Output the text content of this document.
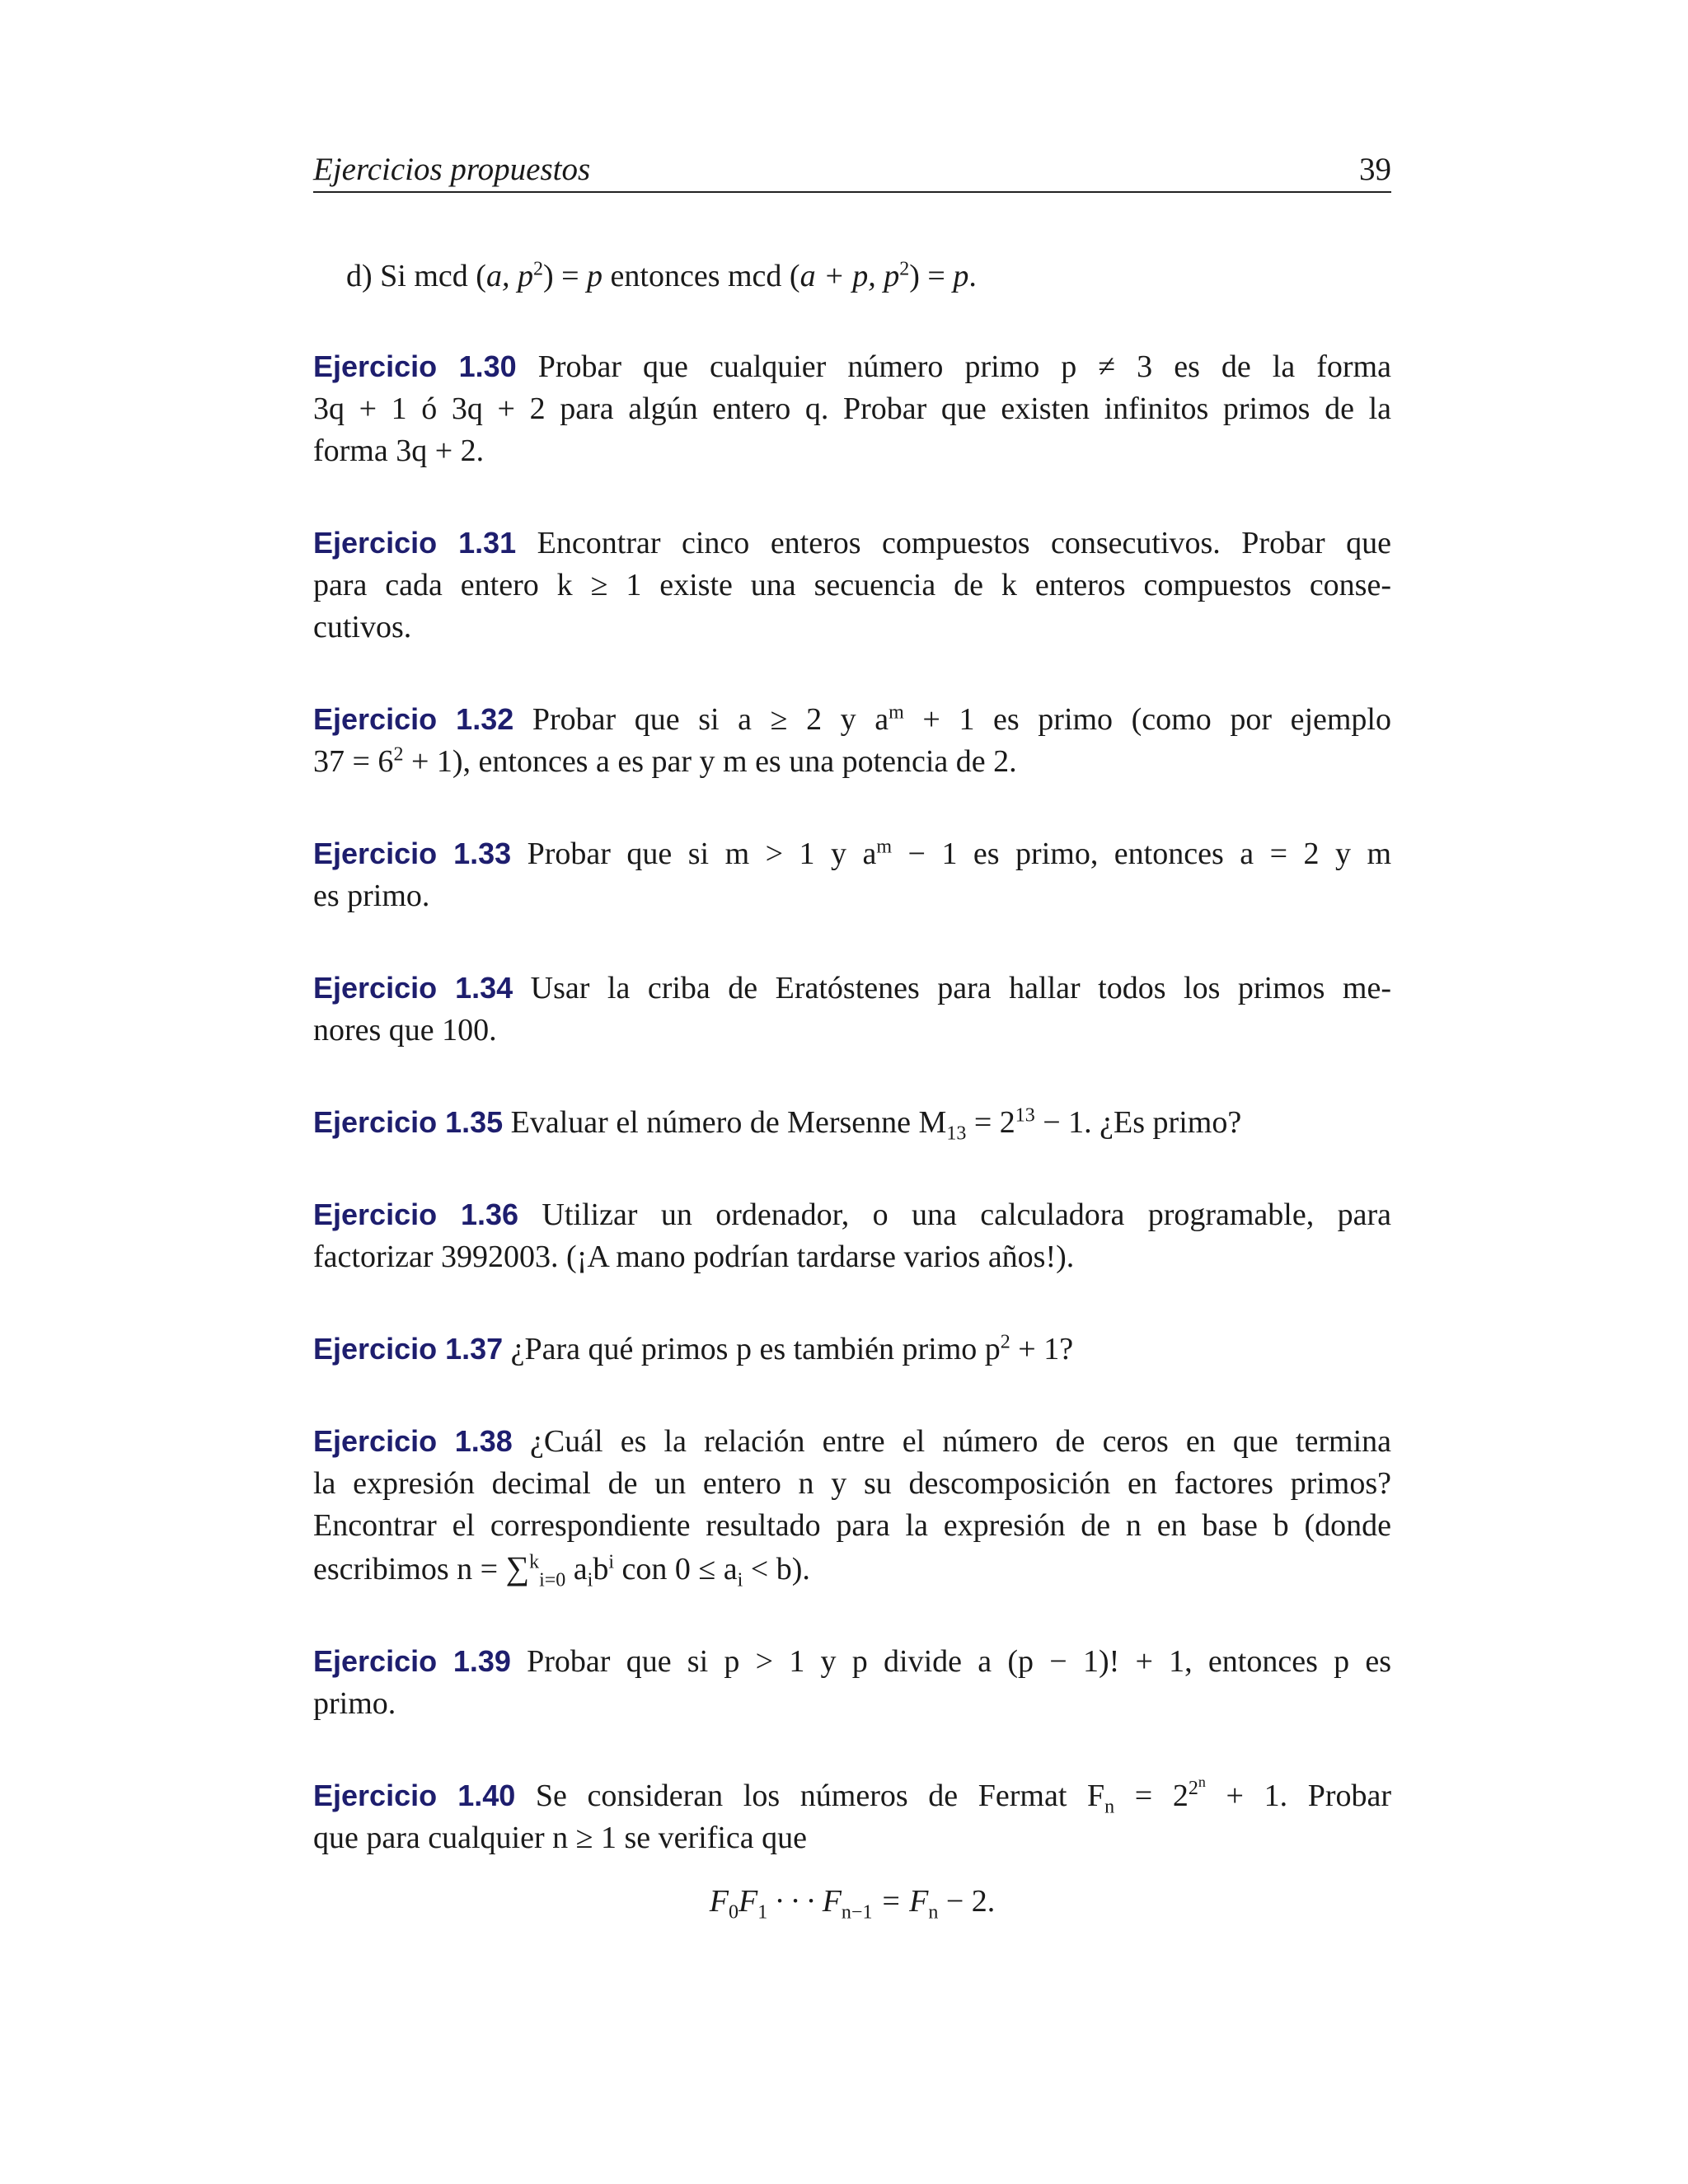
Ejercicios propuestos	39
d) Si mcd (a, $p^2) = p$ entonces mcd (a + p, $p^2) = p$.
Ejercicio 1.30 Probar que cualquier número primo p ≠ 3 es de la forma
3q + 1 ó 3q + 2 para algún entero q. Probar que existen infinitos primos de la
forma 3q + 2.
Ejercicio 1.31 Encontrar cinco enteros compuestos consecutivos. Probar que
para cada entero k ≥ 1 existe una secuencia de k enteros compuestos conse-
cutivos.
Ejercicio 1.32 Probar que si a ≥ 2 y $a^m + 1$ es primo (como por ejemplo
$37 = 6^2 + 1$), entonces a es par y m es una potencia de 2.
Ejercicio 1.33 Probar que si m > 1 y $a^m - 1$ es primo, entonces a = 2 y m
es primo.
Ejercicio 1.34 Usar la criba de Eratóstenes para hallar todos los primos me-
nores que 100.
Ejercicio 1.35 Evaluar el número de Mersenne $M_{13} = 2^{13} - 1$. ¿Es primo?
Ejercicio 1.36 Utilizar un ordenador, o una calculadora programable, para
factorizar 3992003. (¡A mano podrían tardarse varios años!).
Ejercicio 1.37 ¿Para qué primos p es también primo $p^2 + 1$?
Ejercicio 1.38 ¿Cuál es la relación entre el número de ceros en que termina
la expresión decimal de un entero n y su descomposición en factores primos?
Encontrar el correspondiente resultado para la expresión de n en base b (donde
escribimos n = ∑$^k_{i=0}$ $a_ib^i$ con $0 \le a_i < b$).
Ejercicio 1.39 Probar que si p > 1 y p divide a (p − 1)! + 1, entonces p es
primo.
Ejercicio 1.40 Se consideran los números de Fermat $F_n = 2^{2^n} + 1$. Probar
que para cualquier n ≥ 1 se verifica que
$F_0F_1$ · · · $F_{n-1} = F_n - 2$.
